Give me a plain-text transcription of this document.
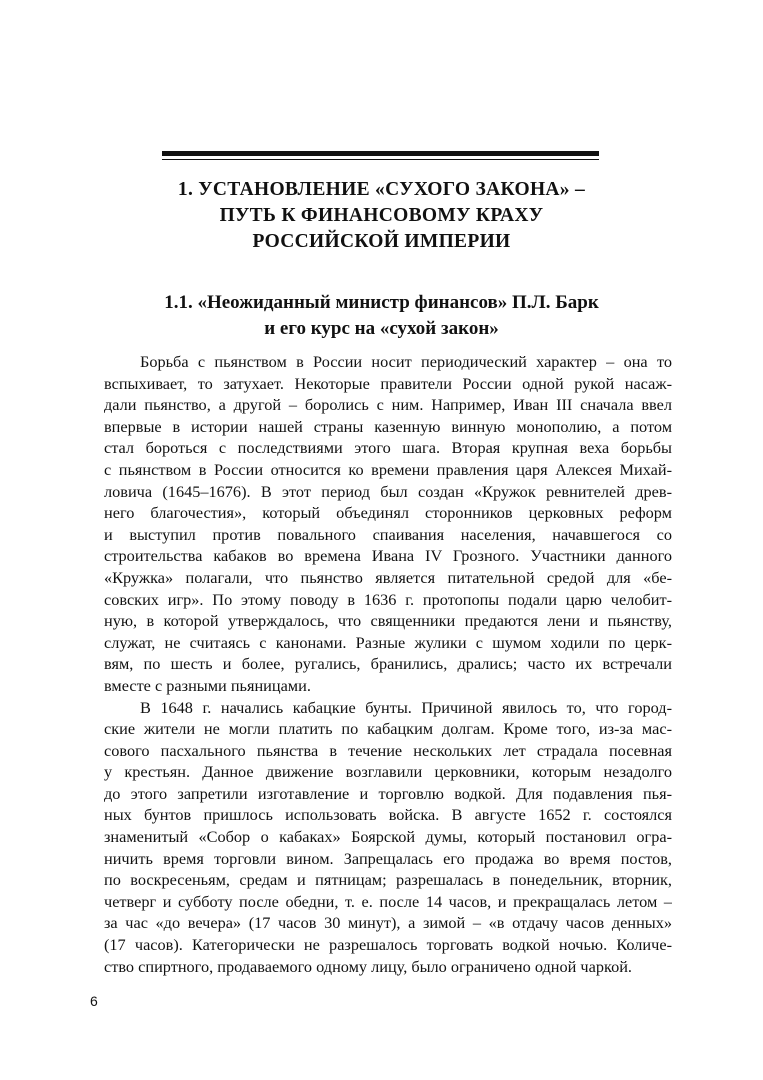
1. УСТАНОВЛЕНИЕ «СУХОГО ЗАКОНА» –
ПУТЬ К ФИНАНСОВОМУ КРАХУ
РОССИЙСКОЙ ИМПЕРИИ
1.1. «Неожиданный министр финансов» П.Л. Барк
и его курс на «сухой закон»

Борьба с пьянством в России носит периодический характер – она то
вспыхивает, то затухает. Некоторые правители России одной рукой насаж-
дали пьянство, а другой – боролись с ним. Например, Иван III сначала ввел
впервые в истории нашей страны казенную винную монополию, а потом
стал бороться с последствиями этого шага. Вторая крупная веха борьбы
с пьянством в России относится ко времени правления царя Алексея Михай-
ловича (1645–1676). В этот период был создан «Кружок ревнителей древ-
него благочестия», который объединял сторонников церковных реформ
и выступил против повального спаивания населения, начавшегося со
строительства кабаков во времена Ивана IV Грозного. Участники данного
«Кружка» полагали, что пьянство является питательной средой для «бе-
совских игр». По этому поводу в 1636 г. протопопы подали царю челобит-
ную, в которой утверждалось, что священники предаются лени и пьянству,
служат, не считаясь с канонами. Разные жулики с шумом ходили по церк-
вям, по шесть и более, ругались, бранились, дрались; часто их встречали
вместе с разными пьяницами.

В 1648 г. начались кабацкие бунты. Причиной явилось то, что город-
ские жители не могли платить по кабацким долгам. Кроме того, из-за мас-
сового пасхального пьянства в течение нескольких лет страдала посевная
у крестьян. Данное движение возглавили церковники, которым незадолго
до этого запретили изготавление и торговлю водкой. Для подавления пья-
ных бунтов пришлось использовать войска. В августе 1652 г. состоялся
знаменитый «Собор о кабаках» Боярской думы, который постановил огра-
ничить время торговли вином. Запрещалась его продажа во время постов,
по воскресеньям, средам и пятницам; разрешалась в понедельник, вторник,
четверг и субботу после обедни, т. е. после 14 часов, и прекращалась летом –
за час «до вечера» (17 часов 30 минут), а зимой – «в отдачу часов денных»
(17 часов). Категорически не разрешалось торговать водкой ночью. Количе-
ство спиртного, продаваемого одному лицу, было ограничено одной чаркой.

6
